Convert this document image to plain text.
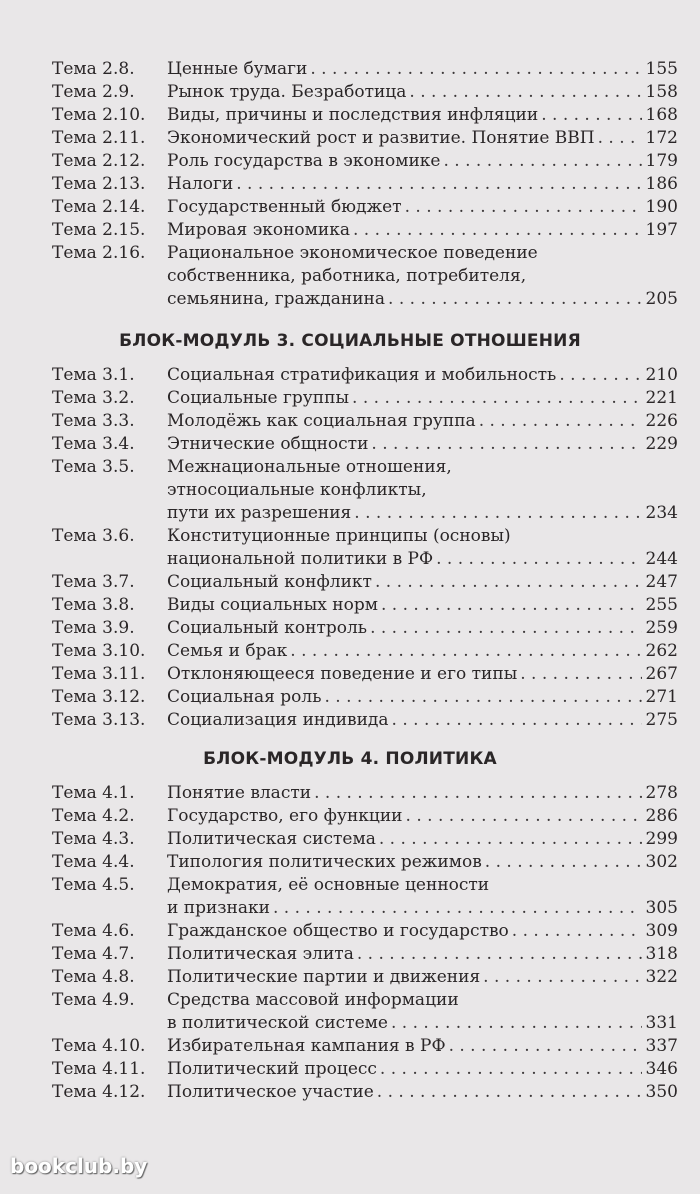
Тема 2.8.	Ценные бумаги . . .	155
Тема 2.9.	Рынок труда. Безработица . . .	158
Тема 2.10.	Виды, причины и последствия инфляции . . .	168
Тема 2.11.	Экономический рост и развитие. Понятие ВВП . . .	172
Тема 2.12.	Роль государства в экономике . . .	179
Тема 2.13.	Налоги . . .	186
Тема 2.14.	Государственный бюджет . . .	190
Тема 2.15.	Мировая экономика . . .	197
Тема 2.16.	Рациональное экономическое поведение
собственника, работника, потребителя,
семьянина, гражданина . . .	205
БЛОК-МОДУЛЬ 3. СОЦИАЛЬНЫЕ ОТНОШЕНИЯ
Тема 3.1.	Социальная стратификация и мобильность . . .	210
Тема 3.2.	Социальные группы . . .	221
Тема 3.3.	Молодёжь как социальная группа . . .	226
Тема 3.4.	Этнические общности . . .	229
Тема 3.5.	Межнациональные отношения,
этносоциальные конфликты,
пути их разрешения . . .	234
Тема 3.6.	Конституционные принципы (основы)
национальной политики в РФ . . .	244
Тема 3.7.	Социальный конфликт . . .	247
Тема 3.8.	Виды социальных норм . . .	255
Тема 3.9.	Социальный контроль . . .	259
Тема 3.10.	Семья и брак . . .	262
Тема 3.11.	Отклоняющееся поведение и его типы . . .	267
Тема 3.12.	Социальная роль . . .	271
Тема 3.13.	Социализация индивида . . .	275
БЛОК-МОДУЛЬ 4. ПОЛИТИКА
Тема 4.1.	Понятие власти . . .	278
Тема 4.2.	Государство, его функции . . .	286
Тема 4.3.	Политическая система . . .	299
Тема 4.4.	Типология политических режимов . . .	302
Тема 4.5.	Демократия, её основные ценности
и признаки . . .	305
Тема 4.6.	Гражданское общество и государство . . .	309
Тема 4.7.	Политическая элита . . .	318
Тема 4.8.	Политические партии и движения . . .	322
Тема 4.9.	Средства массовой информации
в политической системе . . .	331
Тема 4.10.	Избирательная кампания в РФ . . .	337
Тема 4.11.	Политический процесс . . .	346
Тема 4.12.	Политическое участие . . .	350
bookclub.by
